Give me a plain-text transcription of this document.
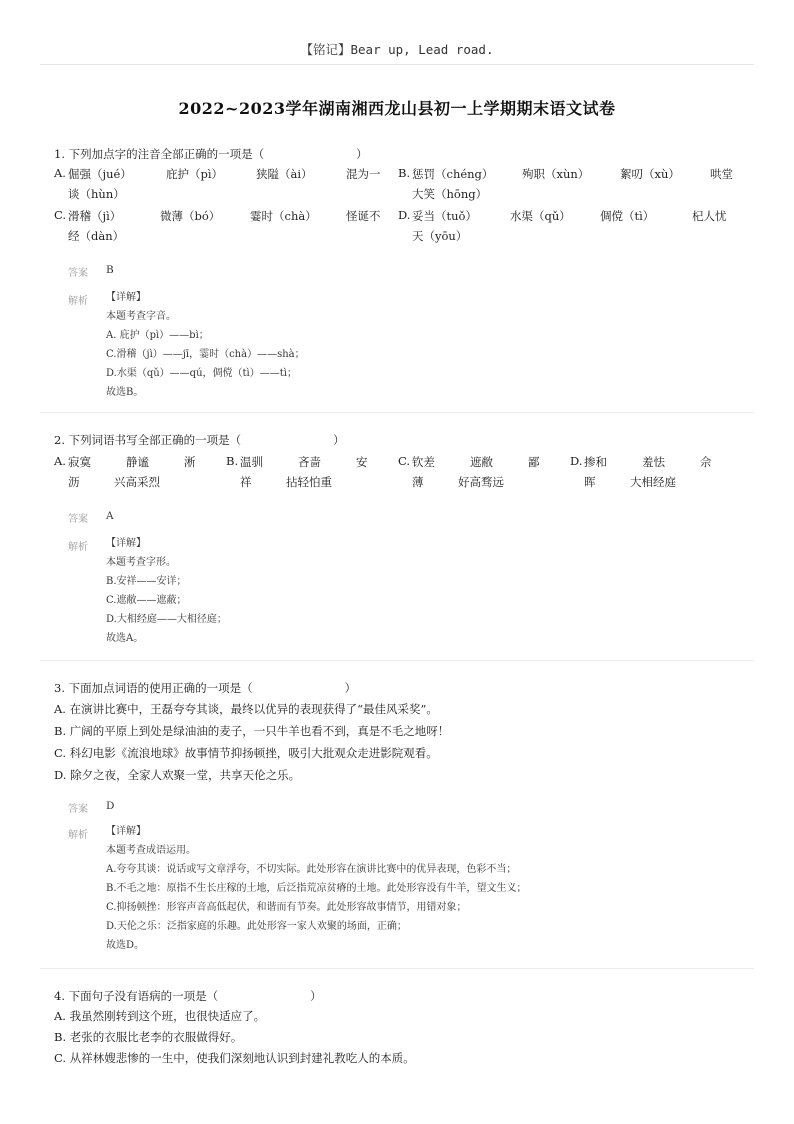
【铭记】Bear up, Lead road.
2022~2023学年湖南湘西龙山县初一上学期期末语文试卷
1. 下列加点字的注音全部正确的一项是（　　　　　　　　）
A. 倔强（jué）	庇护（pì）	狭隘（ài）	混为一
谈（hùn）
B. 惩罚（chéng） 殉职（xùn）	絮叨（xù）	哄堂
大笑（hōng）
C. 滑稽（jì）	微薄（bó）	霎时（chà）	怪诞不
经（dàn）
D. 妥当（tuǒ）	水渠（qǔ）	倜傥（tì）	杞人忧
天（yōu）
答案 B
解析 【详解】
本题考查字音。
A. 庇护（pì）——bì；
C.滑稽（jì）——jī，霎时（chà）——shà；
D.水渠（qǔ）——qú，倜傥（tì）——tì；
故选B。
2. 下列词语书写全部正确的一项是（　　　　　　　　）
A. 寂寞	静谧	淅
沥	兴高采烈
B. 温驯	吝啬	安
祥	拈轻怕重
C. 钦差	遮敝	鄙
薄	好高骛远
D. 掺和	羞怯	佘
晖	大相经庭
答案 A
解析 【详解】
本题考查字形。
B.安祥——安详；
C.遮敝——遮蔽；
D.大相经庭——大相径庭；
故选A。
3. 下面加点词语的使用正确的一项是（　　　　　　　　）
A. 在演讲比赛中，王磊夸夸其谈，最终以优异的表现获得了“最佳风采奖”。
B. 广阔的平原上到处是绿油油的麦子，一只牛羊也看不到，真是不毛之地呀！
C. 科幻电影《流浪地球》故事情节抑扬顿挫，吸引大批观众走进影院观看。
D. 除夕之夜，全家人欢聚一堂，共享天伦之乐。
答案 D
解析 【详解】
本题考查成语运用。
A.夸夸其谈：说话或写文章浮夸，不切实际。此处形容在演讲比赛中的优异表现，色彩不当；
B.不毛之地：原指不生长庄稼的土地，后泛指荒凉贫瘠的土地。此处形容没有牛羊，望文生义；
C.抑扬顿挫：形容声音高低起伏，和谐而有节奏。此处形容故事情节，用错对象；
D.天伦之乐：泛指家庭的乐趣。此处形容一家人欢聚的场面，正确；
故选D。
4. 下面句子没有语病的一项是（　　　　　　　　）
A. 我虽然刚转到这个班，也很快适应了。
B. 老张的衣服比老李的衣服做得好。
C. 从祥林嫂悲惨的一生中，使我们深刻地认识到封建礼教吃人的本质。
